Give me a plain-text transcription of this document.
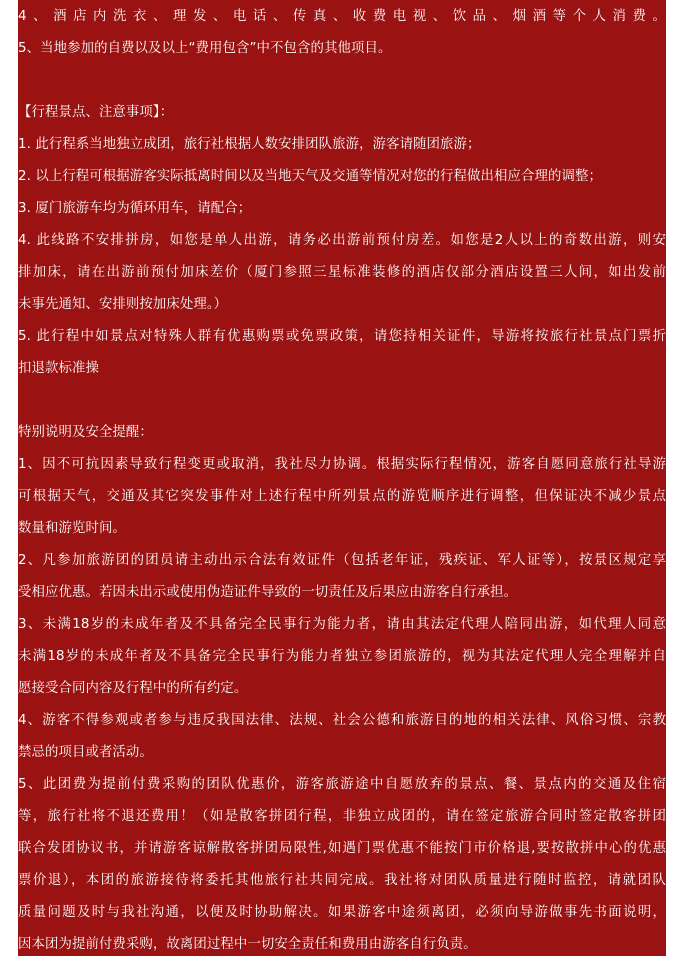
4、酒店内洗衣、理发、电话、传真、收费电视、饮品、烟酒等个人消费。
5、当地参加的自费以及以上“费用包含”中不包含的其他项目。
【行程景点、注意事项】：
1. 此行程系当地独立成团，旅行社根据人数安排团队旅游，游客请随团旅游；
2. 以上行程可根据游客实际抵离时间以及当地天气及交通等情况对您的行程做出相应合理的调整；
3. 厦门旅游车均为循环用车，请配合；
4. 此线路不安排拼房，如您是单人出游，请务必出游前预付房差。如您是2人以上的奇数出游，则安
排加床，请在出游前预付加床差价（厦门参照三星标准装修的酒店仅部分酒店设置三人间，如出发前
未事先通知、安排则按加床处理。）
5. 此行程中如景点对特殊人群有优惠购票或免票政策，请您持相关证件，导游将按旅行社景点门票折
扣退款标准操
特别说明及安全提醒：
1、因不可抗因素导致行程变更或取消，我社尽力协调。根据实际行程情况，游客自愿同意旅行社导游
可根据天气，交通及其它突发事件对上述行程中所列景点的游览顺序进行调整，但保证决不减少景点
数量和游览时间。
2、凡参加旅游团的团员请主动出示合法有效证件（包括老年证，残疾证、军人证等），按景区规定享
受相应优惠。若因未出示或使用伪造证件导致的一切责任及后果应由游客自行承担。
3、未满18岁的未成年者及不具备完全民事行为能力者，请由其法定代理人陪同出游，如代理人同意
未满18岁的未成年者及不具备完全民事行为能力者独立参团旅游的，视为其法定代理人完全理解并自
愿接受合同内容及行程中的所有约定。
4、游客不得参观或者参与违反我国法律、法规、社会公德和旅游目的地的相关法律、风俗习惯、宗教
禁忌的项目或者活动。
5、此团费为提前付费采购的团队优惠价，游客旅游途中自愿放弃的景点、餐、景点内的交通及住宿
等，旅行社将不退还费用！（如是散客拼团行程，非独立成团的，请在签定旅游合同时签定散客拼团
联合发团协议书，并请游客谅解散客拼团局限性,如遇门票优惠不能按门市价格退,要按散拼中心的优惠
票价退），本团的旅游接待将委托其他旅行社共同完成。我社将对团队质量进行随时监控，请就团队
质量问题及时与我社沟通，以便及时协助解决。如果游客中途须离团，必须向导游做事先书面说明，
因本团为提前付费采购，故离团过程中一切安全责任和费用由游客自行负责。
